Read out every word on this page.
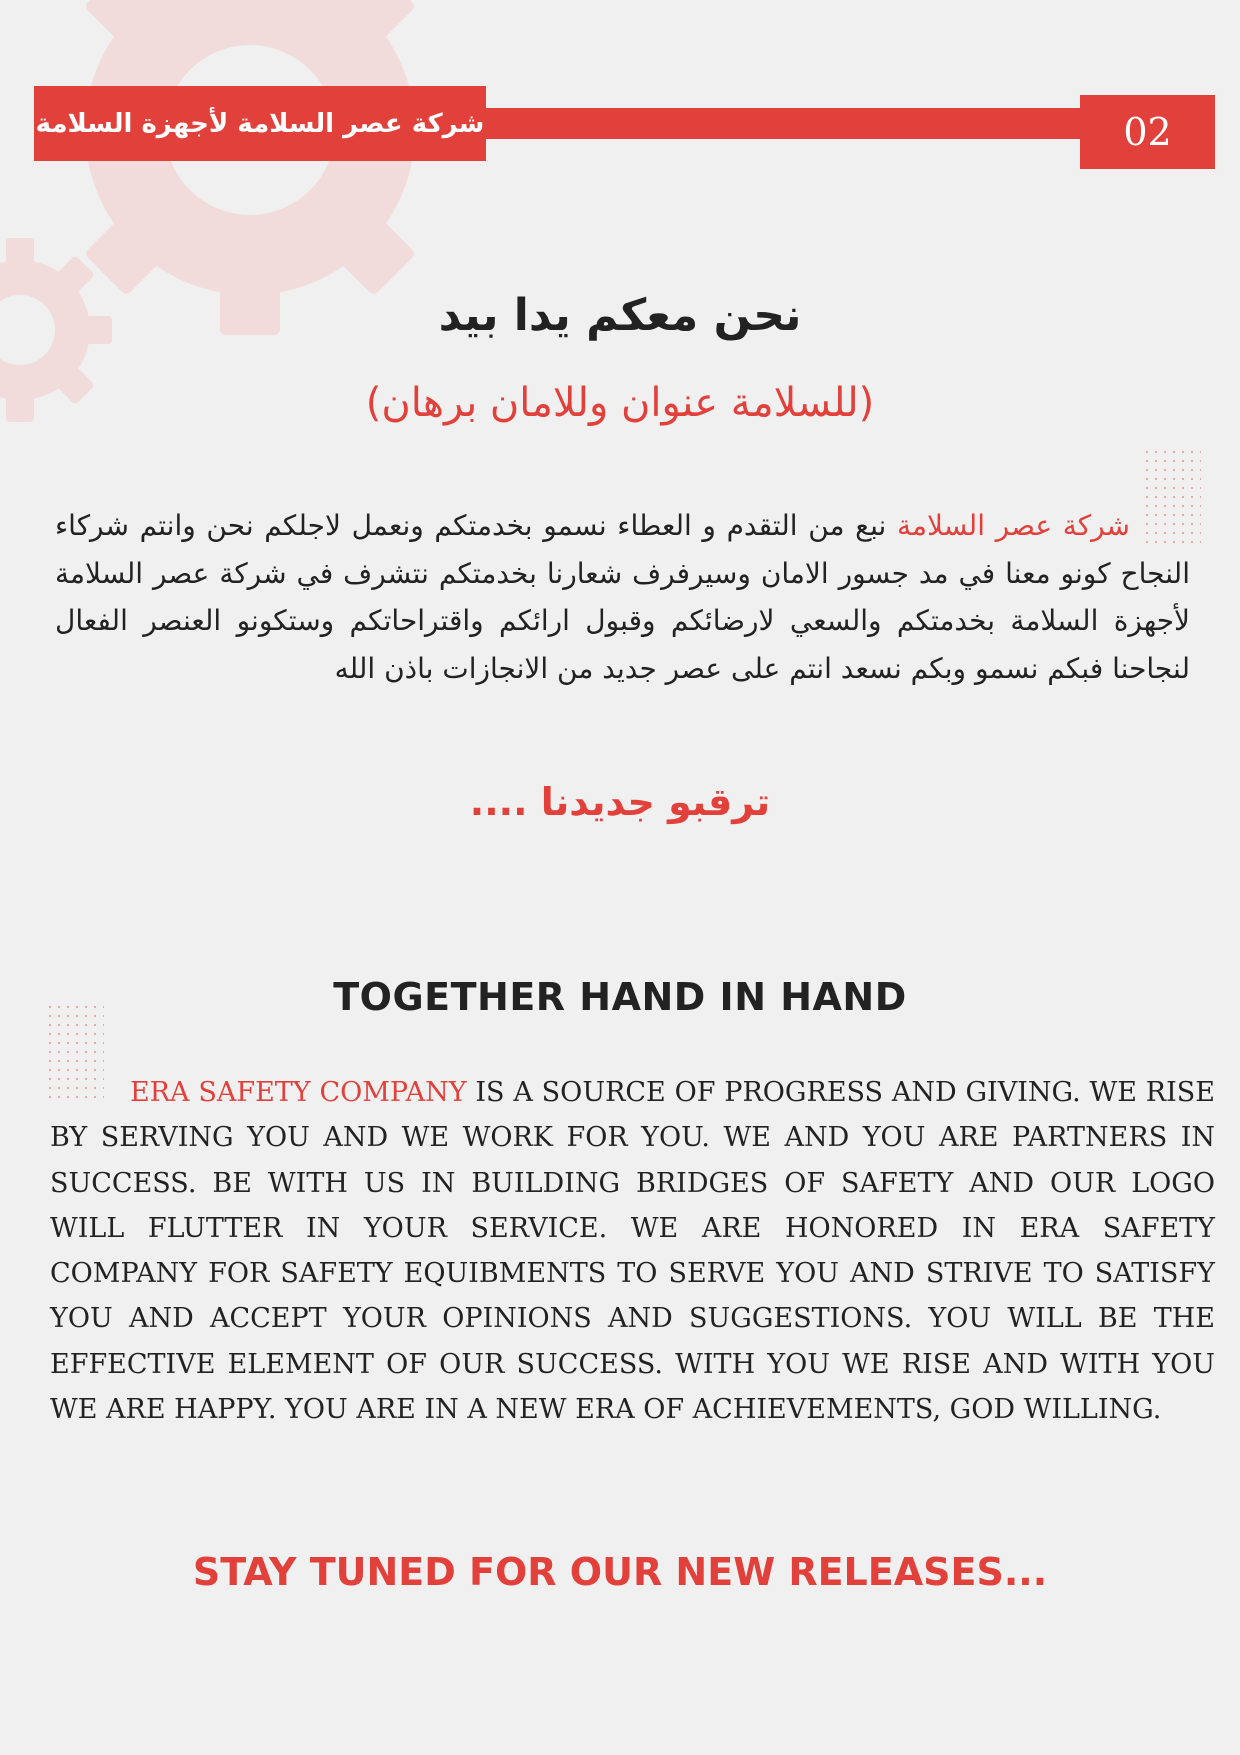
شركة عصر السلامة لأجهزة السلامة	02
نحن معكم يدا بيد
(للسلامة عنوان وللامان برهان)
شركة عصر السلامة نبع من التقدم و العطاء نسمو بخدمتكم ونعمل لاجلكم نحن وانتم شركاء النجاح كونو معنا في مد جسور الامان وسيرفرف شعارنا بخدمتكم نتشرف في شركة عصر السلامة لأجهزة السلامة بخدمتكم والسعي لارضائكم وقبول ارائكم واقتراحاتكم وستكونو العنصر الفعال لنجاحنا فبكم نسمو وبكم نسعد انتم على عصر جديد من الانجازات باذن الله
ترقبو جديدنا ....
TOGETHER HAND IN HAND
ERA SAFETY COMPANY IS A SOURCE OF PROGRESS AND GIVING. WE RISE BY SERVING YOU AND WE WORK FOR YOU. WE AND YOU ARE PARTNERS IN SUCCESS. BE WITH US IN BUILDING BRIDGES OF SAFETY AND OUR LOGO WILL FLUTTER IN YOUR SERVICE. WE ARE HONORED IN ERA SAFETY COMPANY FOR SAFETY EQUIBMENTS TO SERVE YOU AND STRIVE TO SATISFY YOU AND ACCEPT YOUR OPINIONS AND SUGGESTIONS. YOU WILL BE THE EFFECTIVE ELEMENT OF OUR SUCCESS. WITH YOU WE RISE AND WITH YOU WE ARE HAPPY. YOU ARE IN A NEW ERA OF ACHIEVEMENTS, GOD WILLING.
STAY TUNED FOR OUR NEW RELEASES...
